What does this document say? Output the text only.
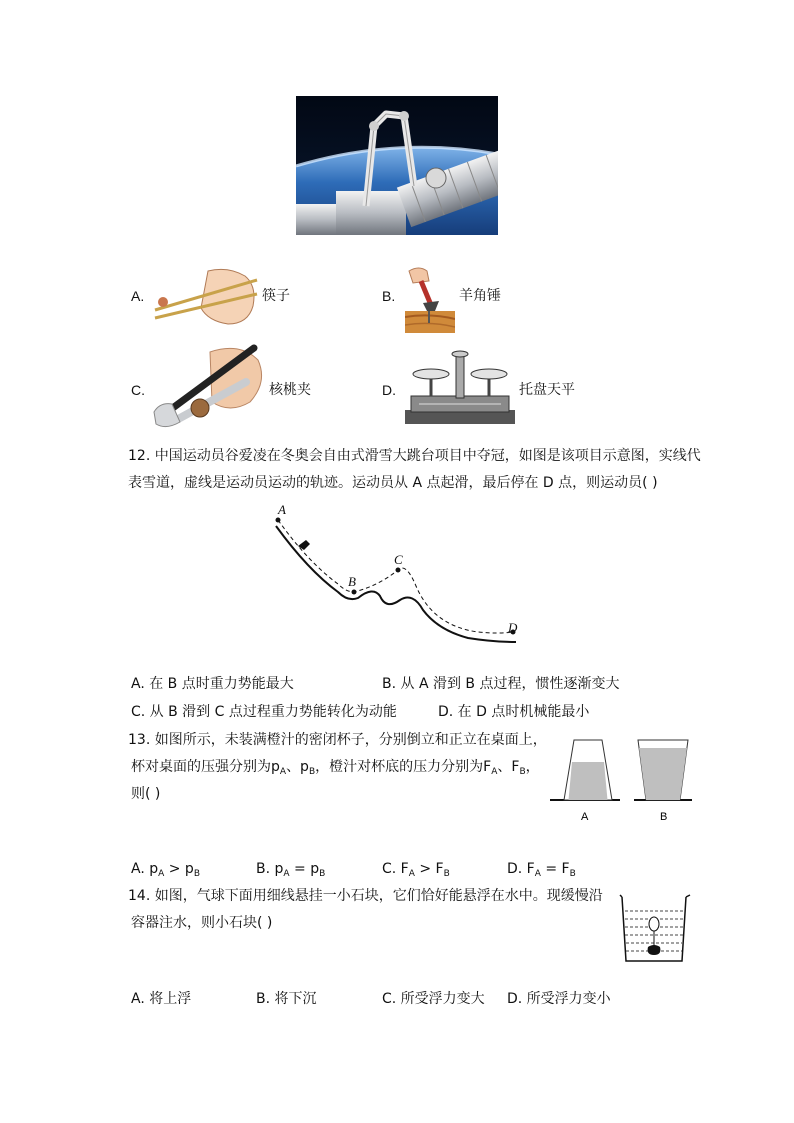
A.	筷子	B.	羊角锤
C.	核桃夹	D.	托盘天平
12. 中国运动员谷爱凌在冬奥会自由式滑雪大跳台项目中夺冠，如图是该项目示意图，实线代
表雪道，虚线是运动员运动的轨迹。运动员从 A 点起滑，最后停在 D 点，则运动员( )
A
B
C
D
A. 在 B 点时重力势能最大	B. 从 A 滑到 B 点过程，惯性逐渐变大
C. 从 B 滑到 C 点过程重力势能转化为动能	D. 在 D 点时机械能最小
13. 如图所示，未装满橙汁的密闭杯子，分别倒立和正立在桌面上，
杯对桌面的压强分别为$p_A$、$p_B$，橙汁对杯底的压力分别为$F_A$、$F_B$，
则( )
A	B
A. $p_A > p_B$	B. $p_A = p_B$	C. $F_A > F_B$	D. $F_A = F_B$
14. 如图，气球下面用细线悬挂一小石块，它们恰好能悬浮在水中。现缓慢沿
容器注水，则小石块( )
A. 将上浮	B. 将下沉	C. 所受浮力变大 D. 所受浮力变小
